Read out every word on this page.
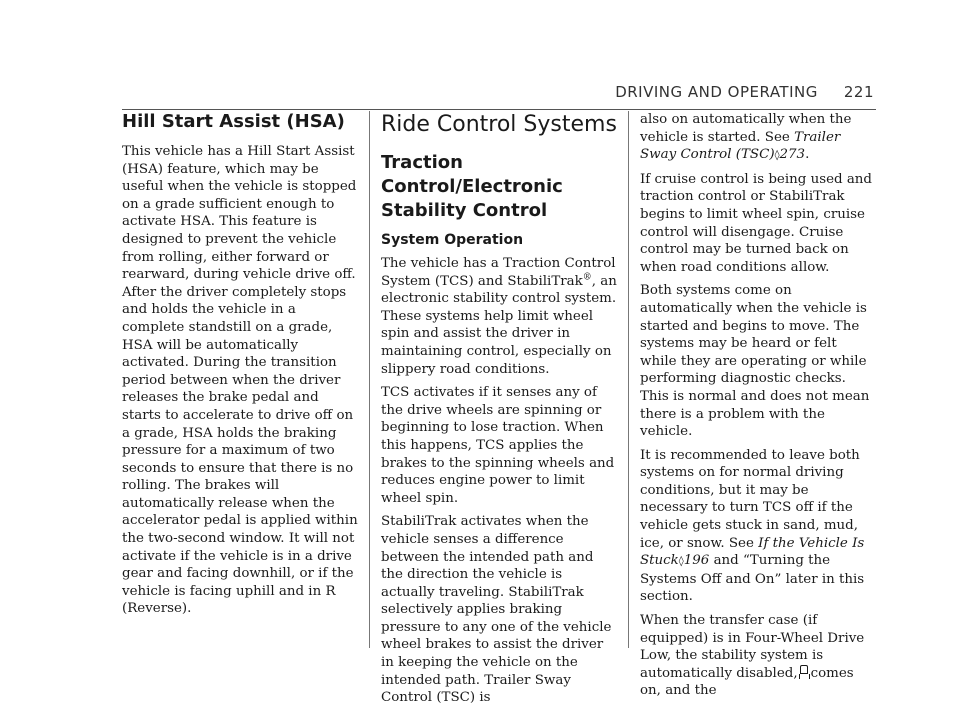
DRIVING AND OPERATING 221
Hill Start Assist (HSA)

This vehicle has a Hill Start Assist (HSA) feature, which may be useful when the vehicle is stopped on a grade sufficient enough to activate HSA. This feature is designed to prevent the vehicle from rolling, either forward or rearward, during vehicle drive off. After the driver completely stops and holds the vehicle in a complete standstill on a grade, HSA will be automatically activated. During the transition period between when the driver releases the brake pedal and starts to accelerate to drive off on a grade, HSA holds the braking pressure for a maximum of two seconds to ensure that there is no rolling. The brakes will automatically release when the accelerator pedal is applied within the two-second window. It will not activate if the vehicle is in a drive gear and facing downhill, or if the vehicle is facing uphill and in R (Reverse).

Ride Control Systems
Traction Control/Electronic Stability Control
System Operation

The vehicle has a Traction Control System (TCS) and StabiliTrak®, an electronic stability control system. These systems help limit wheel spin and assist the driver in maintaining control, especially on slippery road conditions.

TCS activates if it senses any of the drive wheels are spinning or beginning to lose traction. When this happens, TCS applies the brakes to the spinning wheels and reduces engine power to limit wheel spin.

StabiliTrak activates when the vehicle senses a difference between the intended path and the direction the vehicle is actually traveling. StabiliTrak selectively applies braking pressure to any one of the vehicle wheel brakes to assist the driver in keeping the vehicle on the intended path. Trailer Sway Control (TSC) is

also on automatically when the vehicle is started. See Trailer Sway Control (TSC)◊273.

If cruise control is being used and traction control or StabiliTrak begins to limit wheel spin, cruise control will disengage. Cruise control may be turned back on when road conditions allow.

Both systems come on automatically when the vehicle is started and begins to move. The systems may be heard or felt while they are operating or while performing diagnostic checks. This is normal and does not mean there is a problem with the vehicle.

It is recommended to leave both systems on for normal driving conditions, but it may be necessary to turn TCS off if the vehicle gets stuck in sand, mud, ice, or snow. See If the Vehicle Is Stuck◊196 and “Turning the Systems Off and On” later in this section.

When the transfer case (if equipped) is in Four-Wheel Drive Low, the stability system is automatically disabled, comes on, and the
